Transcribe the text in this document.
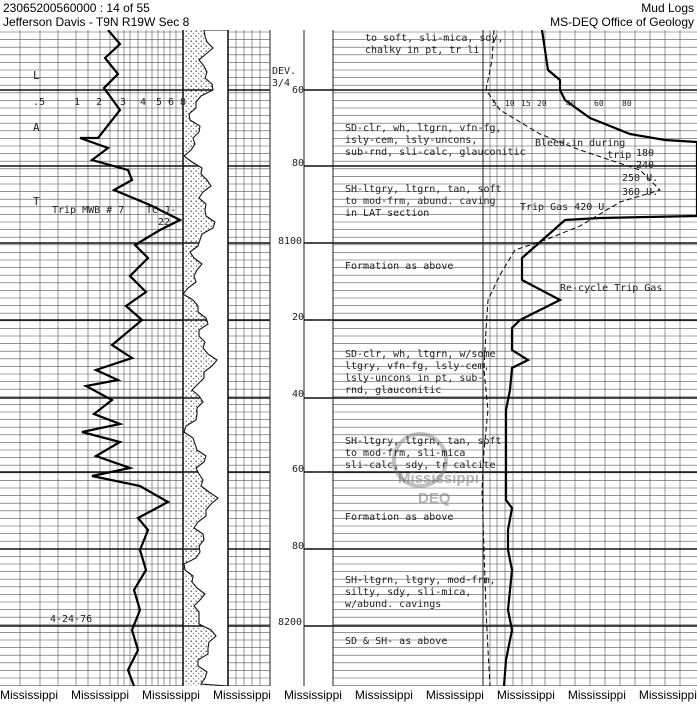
23065200560000 : 14 of 55
Jefferson Davis - T9N R19W Sec 8
Mud Logs
MS-DEQ Office of Geology
Mississippi
DEQ
.5	1 2 3 4 5 6 8
L
A
T
Trip MWB # 7 TC J-
22
4-24-76
DEV.
3/4
60
80
8100
20
40
60
80
8200
5 10 15 20 40 60 80
to soft, sli-mica, sdy,
chalky in pt, tr li
SD-clr, wh, ltgrn, vfn-fg,
isly-cem, lsly-uncons,
sub-rnd, sli-calc, glauconitic
SH-ltgry, ltgrn, tan, soft
to mod-frm, abund. caving
in LAT section
Formation as above
SD-clr, wh, ltgrn, w/some
ltgry, vfn-fg, lsly-cem,
lsly-uncons in pt, sub-
rnd, glauconitic
SH-ltgry, ltgrn, tan, soft
to mod-frm, sli-mica
sli-calc, sdy, tr calcite
Formation as above
SH-ltgrn, ltgry, mod-frm,
silty, sdy, sli-mica,
w/abund. cavings
SD & SH- as above
Bleed-in during
trip 180
240
250 U.
360 U.
Trip Gas 420 U.
Re-cycle Trip Gas
Mississippi Mississippi Mississippi Mississippi Mississippi Mississippi Mississippi Mississippi Mississippi Mississippi
